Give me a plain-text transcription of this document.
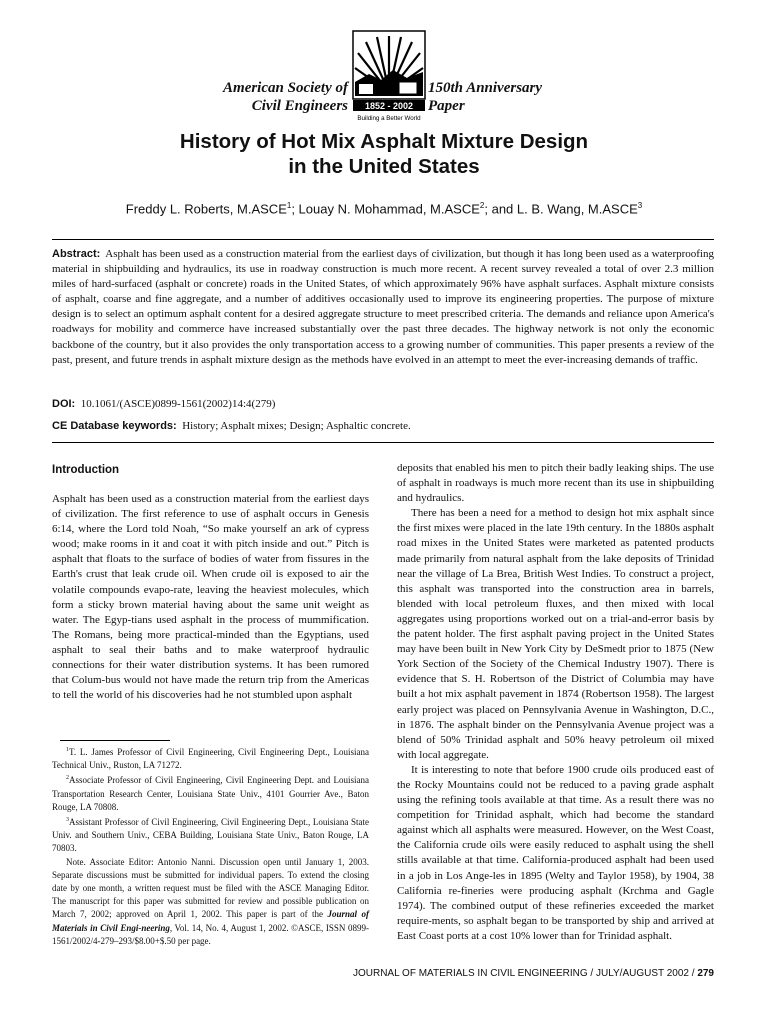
American Society of
Civil Engineers 1852 - 2002
Building a Better World
150th Anniversary
Paper
History of Hot Mix Asphalt Mixture Design
in the United States
Freddy L. Roberts, M.ASCE$^1$; Louay N. Mohammad, M.ASCE$^2$; and L. B. Wang, M.ASCE$^3$
Abstract: Asphalt has been used as a construction material from the earliest days of civilization, but though it has long been used as a waterproofing material in shipbuilding and hydraulics, its use in roadway construction is much more recent. A recent survey revealed a total of over 2.3 million miles of hard-surfaced (asphalt or concrete) roads in the United States, of which approximately 96% have asphalt surfaces. Asphalt mixture consists of asphalt, coarse and fine aggregate, and a number of additives occasionally used to improve its engineering properties. The purpose of mixture design is to select an optimum asphalt content for a desired aggregate structure to meet prescribed criteria. The demands and reliance upon America's roadways for mobility and commerce have increased substantially over the past three decades. The highway network is not only the economic backbone of the country, but it also provides the only transportation access to a growing number of communities. This paper presents a review of the past, present, and future trends in asphalt mixture design as the methods have evolved in an attempt to meet the ever-increasing demands of traffic.
DOI: 10.1061/(ASCE)0899-1561(2002)14:4(279)
CE Database keywords: History; Asphalt mixes; Design; Asphaltic concrete.
Introduction

Asphalt has been used as a construction material from the earliest days of civilization. The first reference to use of asphalt occurs in Genesis 6:14, where the Lord told Noah, “So make yourself an ark of cypress wood; make rooms in it and coat it with pitch inside and out.” Pitch is asphalt that floats to the surface of bodies of water from fissures in the Earth's crust that leak crude oil. When crude oil is exposed to air the volatile compounds evapo-rate, leaving the heaviest molecules, which form a sticky brown material having about the same unit weight as water. The Egyp-tians used asphalt in the process of mummification. The Romans, being more practical-minded than the Egyptians, used asphalt to seal their baths and to make waterproof hydraulic connections for their water distribution systems. It has been rumored that Colum-bus would not have made the return trip from the Americas to tell the world of his discoveries had he not stumbled upon asphalt

$^1$T. L. James Professor of Civil Engineering, Civil Engineering Dept., Louisiana Technical Univ., Ruston, LA 71272.

$^2$Associate Professor of Civil Engineering, Civil Engineering Dept. and Louisiana Transportation Research Center, Louisiana State Univ., 4101 Gourrier Ave., Baton Rouge, LA 70808.

$^3$Assistant Professor of Civil Engineering, Civil Engineering Dept., Louisiana State Univ. and Southern Univ., CEBA Building, Louisiana State Univ., Baton Rouge, LA 70803.

Note. Associate Editor: Antonio Nanni. Discussion open until January 1, 2003. Separate discussions must be submitted for individual papers. To extend the closing date by one month, a written request must be filed with the ASCE Managing Editor. The manuscript for this paper was submitted for review and possible publication on March 7, 2002; approved on April 1, 2002. This paper is part of the Journal of Materials in Civil Engi-neering, Vol. 14, No. 4, August 1, 2002. ©ASCE, ISSN 0899-1561/2002/4-279–293/$8.00+$.50 per page.

deposits that enabled his men to pitch their badly leaking ships. The use of asphalt in roadways is much more recent than its use in shipbuilding and hydraulics.

There has been a need for a method to design hot mix asphalt since the first mixes were placed in the late 19th century. In the 1880s asphalt road mixes in the United States were marketed as patented products made primarily from natural asphalt from the lake deposits of Trinidad near the village of La Brea, British West Indies. To construct a project, this asphalt was transported into the construction area in barrels, blended with local petroleum fluxes, and then mixed with local aggregates using proportions worked out on a trial-and-error basis by the patent holder. The first asphalt paving project in the United States may have been built in New York City by DeSmedt prior to 1875 (New York Section of the Society of the Chemical Industry 1907). There is evidence that S. H. Robertson of the District of Columbia may have built a hot mix asphalt pavement in 1874 (Robertson 1958). The largest early project was placed on Pennsylvania Avenue in Washington, D.C., in 1876. The asphalt binder on the Pennsylvania Avenue project was a blend of 50% Trinidad asphalt and 50% heavy petroleum oil mixed with local aggregate.

It is interesting to note that before 1900 crude oils produced east of the Rocky Mountains could not be reduced to a paving grade asphalt using the refining tools available at that time. As a result there was no competition for Trinidad asphalt, which had become the standard against which all asphalts were measured. However, on the West Coast, the California crude oils were easily reduced to asphalt using the shell stills available at that time. California-produced asphalt had been used in a job in Los Ange-les in 1895 (Welty and Taylor 1958), by 1904, 38 California re-fineries were producing asphalt (Krchma and Gagle 1974). The combined output of these refineries exceeded the market require-ments, so asphalt began to be transported by ship and arrived at East Coast ports at a cost 10% lower than for Trinidad asphalt.

JOURNAL OF MATERIALS IN CIVIL ENGINEERING / JULY/AUGUST 2002 / 279
